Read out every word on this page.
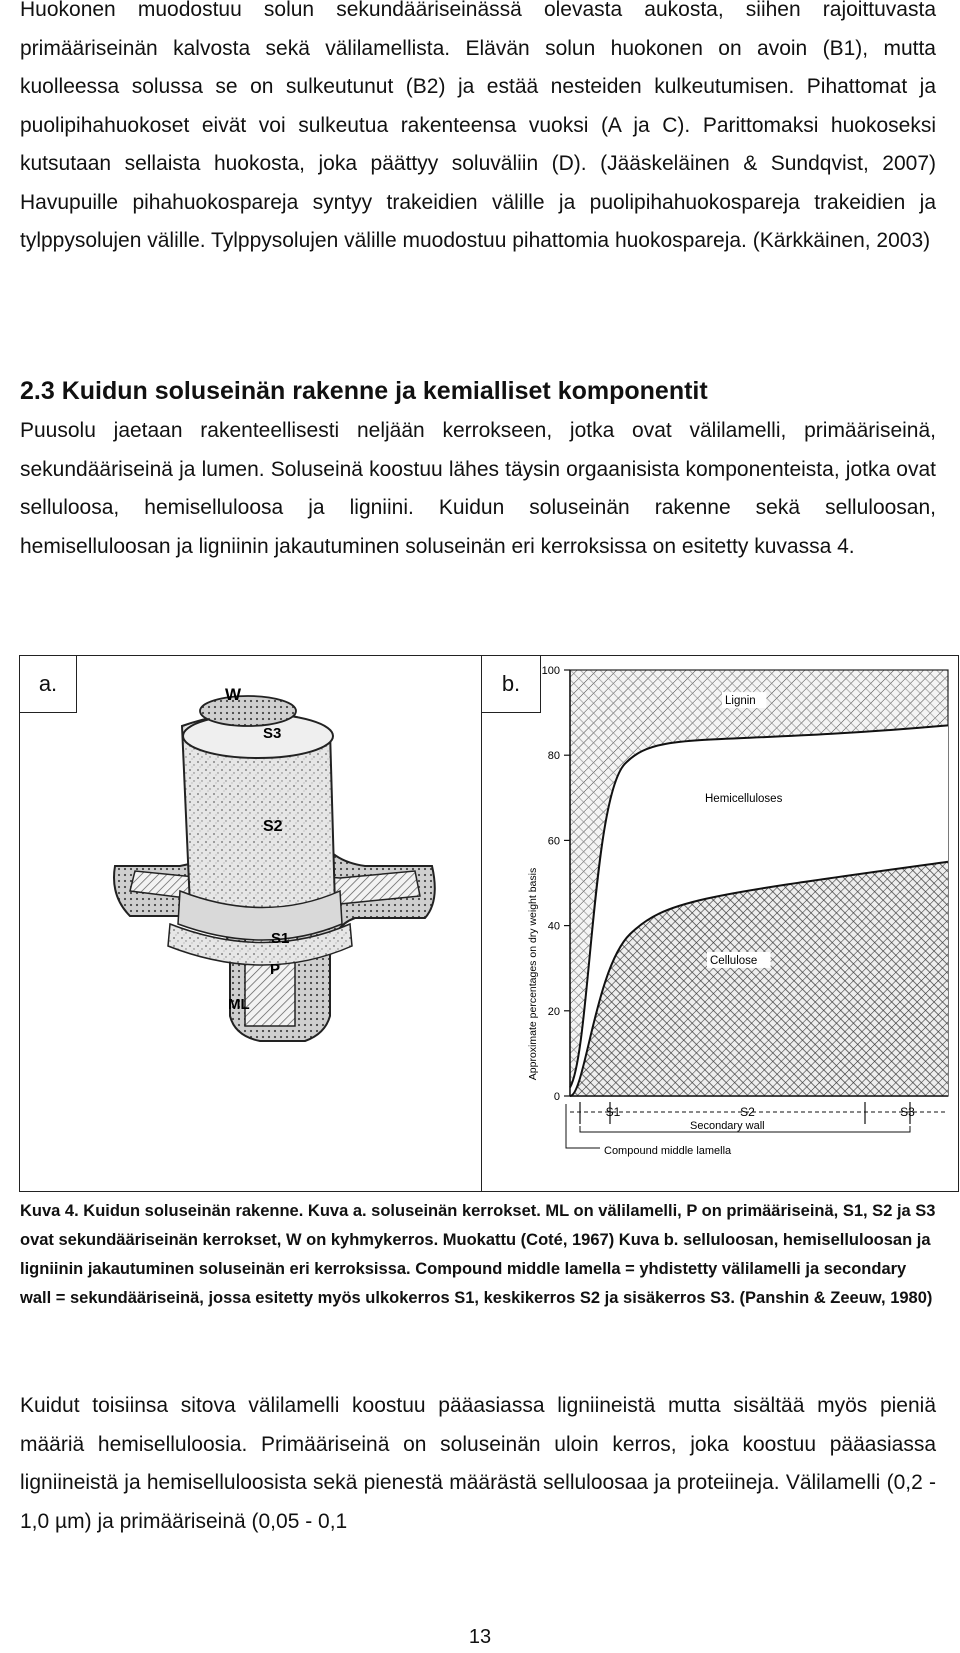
Huokonen muodostuu solun sekundääriseinässä olevasta aukosta, siihen rajoittuvasta primääriseinän kalvosta sekä välilamellista. Elävän solun huokonen on avoin (B1), mutta kuolleessa solussa se on sulkeutunut (B2) ja estää nesteiden kulkeutumisen. Pihattomat ja puolipihahuokoset eivät voi sulkeutua rakenteensa vuoksi (A ja C). Parittomaksi huokoseksi kutsutaan sellaista huokosta, joka päättyy soluväliin (D). (Jääskeläinen & Sundqvist, 2007) Havupuille pihahuokospareja syntyy trakeidien välille ja puolipihahuokospareja trakeidien ja tylppysolujen välille. Tylppysolujen välille muodostuu pihattomia huokospareja. (Kärkkäinen, 2003)

2.3 Kuidun soluseinän rakenne ja kemialliset komponentit

Puusolu jaetaan rakenteellisesti neljään kerrokseen, jotka ovat välilamelli, primääriseinä, sekundääriseinä ja lumen. Soluseinä koostuu lähes täysin orgaanisista komponenteista, jotka ovat selluloosa, hemiselluloosa ja ligniini. Kuidun soluseinän rakenne sekä selluloosan, hemiselluloosan ja ligniinin jakautuminen soluseinän eri kerroksissa on esitetty kuvassa 4.

a.	W
S3
S2
S1
P
ML
b.	100
80
60
40
20
0
Lignin
Hemicelluloses
Cellulose
S1	S2	S3
Approximate percentages on dry weight basis
Secondary wall
Compound middle lamella

Kuva 4. Kuidun soluseinän rakenne. Kuva a. soluseinän kerrokset. ML on välilamelli, P on primääriseinä, S1, S2 ja S3 ovat sekundääriseinän kerrokset, W on kyhmykerros. Muokattu (Coté, 1967) Kuva b. selluloosan, hemiselluloosan ja ligniinin jakautuminen soluseinän eri kerroksissa. Compound middle lamella = yhdistetty välilamelli ja secondary wall = sekundääriseinä, jossa esitetty myös ulkokerros S1, keskikerros S2 ja sisäkerros S3. (Panshin & Zeeuw, 1980)

Kuidut toisiinsa sitova välilamelli koostuu pääasiassa ligniineistä mutta sisältää myös pieniä määriä hemiselluloosia. Primääriseinä on soluseinän uloin kerros, joka koostuu pääasiassa ligniineistä ja hemiselluloosista sekä pienestä määrästä selluloosaa ja proteiineja. Välilamelli (0,2 - 1,0 µm) ja primääriseinä (0,05 - 0,1

13
